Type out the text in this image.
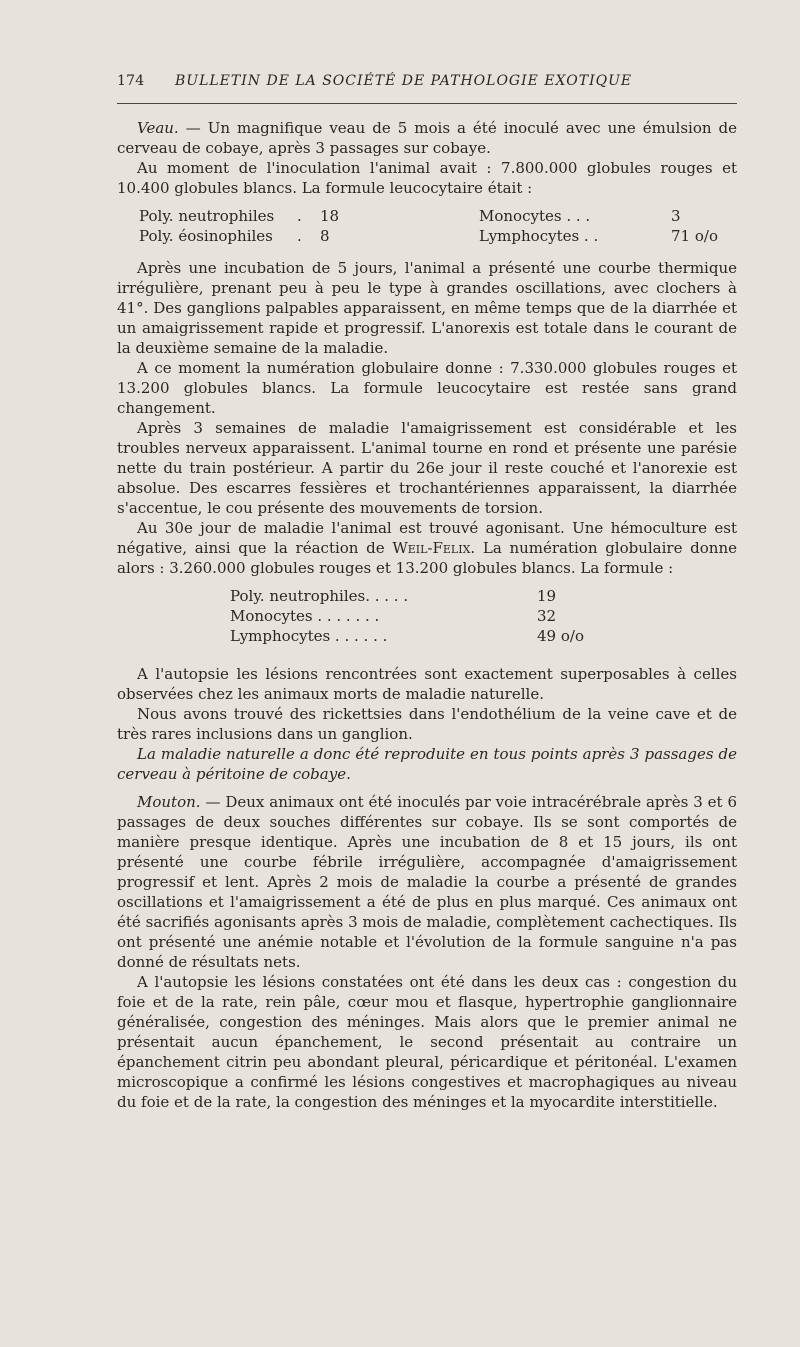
174 BULLETIN DE LA SOCIÉTÉ DE PATHOLOGIE EXOTIQUE

Veau. — Un magnifique veau de 5 mois a été inoculé avec une émulsion de cerveau de cobaye, après 3 passages sur cobaye.

Au moment de l'inoculation l'animal avait : 7.800.000 globules rouges et 10.400 globules blancs. La formule leucocytaire était :

Poly. neutrophiles . 18	Monocytes . . .	3
Poly. éosinophiles . 8	Lymphocytes . .	71 o/o

Après une incubation de 5 jours, l'animal a présenté une courbe thermique irrégulière, prenant peu à peu le type à grandes oscillations, avec clochers à 41°. Des ganglions palpables apparaissent, en même temps que de la diarrhée et un amaigrissement rapide et progressif. L'anorexis est totale dans le courant de la deuxième semaine de la maladie.

A ce moment la numération globulaire donne : 7.330.000 globules rouges et 13.200 globules blancs. La formule leucocytaire est restée sans grand changement.

Après 3 semaines de maladie l'amaigrissement est considérable et les troubles nerveux apparaissent. L'animal tourne en rond et présente une parésie nette du train postérieur. A partir du 26e jour il reste couché et l'anorexie est absolue. Des escarres fessières et trochantériennes apparaissent, la diarrhée s'accentue, le cou présente des mouvements de torsion.

Au 30e jour de maladie l'animal est trouvé agonisant. Une hémoculture est négative, ainsi que la réaction de Weil-Felix. La numération globulaire donne alors : 3.260.000 globules rouges et 13.200 globules blancs. La formule :

Poly. neutrophiles. . . . .	19
Monocytes . . . . . . .	32
Lymphocytes . . . . . .	49 o/o

A l'autopsie les lésions rencontrées sont exactement superposables à celles observées chez les animaux morts de maladie naturelle.

Nous avons trouvé des rickettsies dans l'endothélium de la veine cave et de très rares inclusions dans un ganglion.

La maladie naturelle a donc été reproduite en tous points après 3 passages de cerveau à péritoine de cobaye.

Mouton. — Deux animaux ont été inoculés par voie intracérébrale après 3 et 6 passages de deux souches différentes sur cobaye. Ils se sont comportés de manière presque identique. Après une incubation de 8 et 15 jours, ils ont présenté une courbe fébrile irrégulière, accompagnée d'amaigrissement progressif et lent. Après 2 mois de maladie la courbe a présenté de grandes oscillations et l'amaigrissement a été de plus en plus marqué. Ces animaux ont été sacrifiés agonisants après 3 mois de maladie, complètement cachectiques. Ils ont présenté une anémie notable et l'évolution de la formule sanguine n'a pas donné de résultats nets.

A l'autopsie les lésions constatées ont été dans les deux cas : congestion du foie et de la rate, rein pâle, cœur mou et flasque, hypertrophie ganglionnaire généralisée, congestion des méninges. Mais alors que le premier animal ne présentait aucun épanchement, le second présentait au contraire un épanchement citrin peu abondant pleural, péricardique et péritonéal. L'examen microscopique a confirmé les lésions congestives et macrophagiques au niveau du foie et de la rate, la congestion des méninges et la myocardite interstitielle.
